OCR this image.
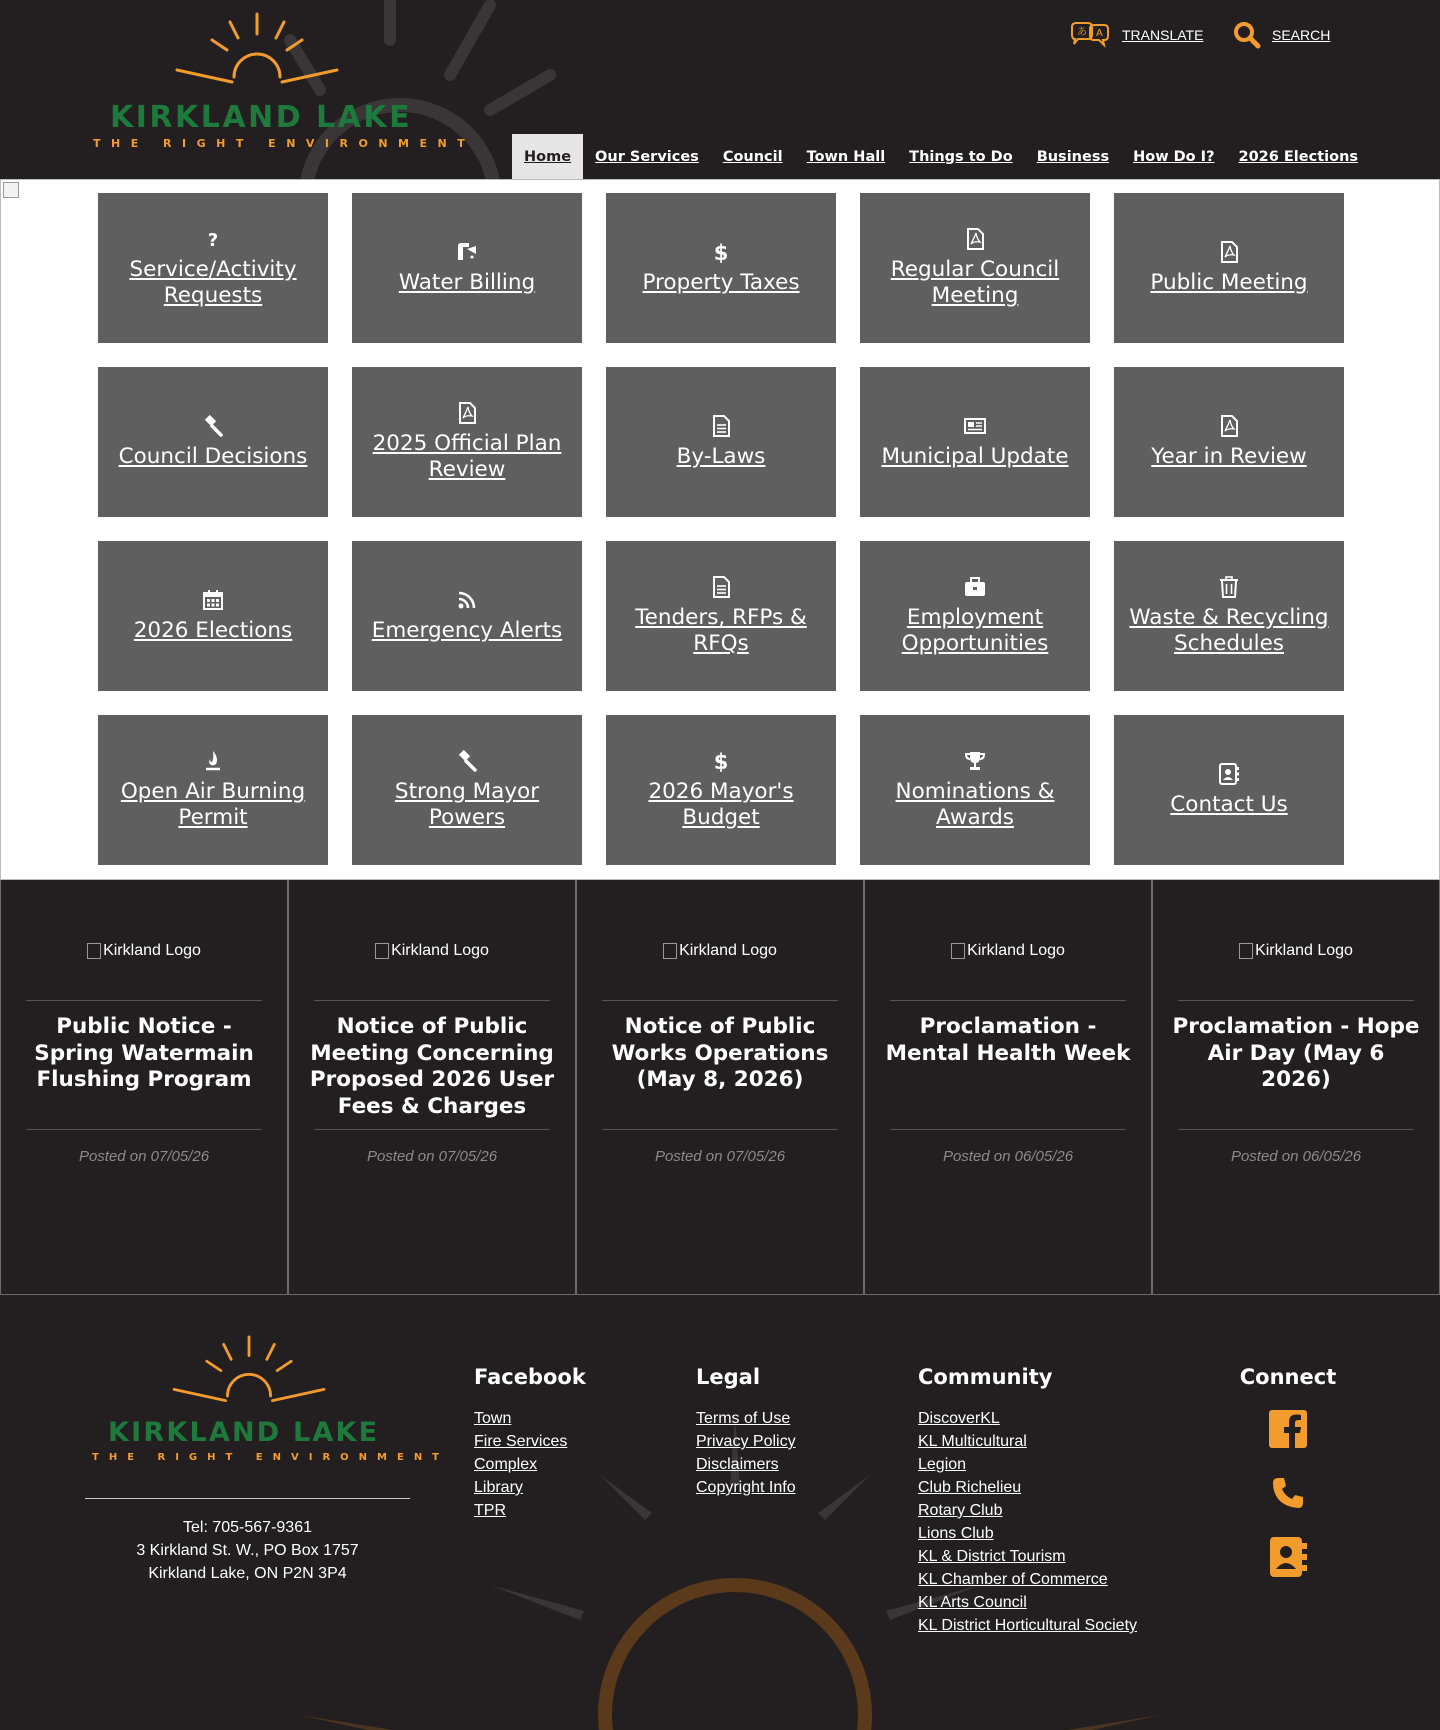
KIRKLAND LAKE
THE RIGHT ENVIRONMENT
あ A TRANSLATE	SEARCH
Home	Our Services	Council	Town Hall	Things to Do	Business	How Do I?	2026 Elections
?
Service/Activity Requests
Water Billing
$
Property Taxes
Regular Council Meeting
Public Meeting
Council Decisions
2025 Official Plan Review
By-Laws	Municipal Update	Year in Review
2026 Elections	Emergency Alerts
Tenders, RFPs & RFQs
Employment Opportunities
Waste & Recycling Schedules
Open Air Burning Permit
Strong Mayor Powers
$
2026 Mayor's Budget
Nominations & Awards
Contact Us
Kirkland Logo
Public Notice - Spring Watermain Flushing Program
Posted on 07/05/26
Kirkland Logo
Notice of Public Meeting Concerning Proposed 2026 User Fees & Charges
Posted on 07/05/26
Kirkland Logo
Notice of Public Works Operations (May 8, 2026)
Posted on 07/05/26
Kirkland Logo
Proclamation - Mental Health Week
Posted on 06/05/26
Kirkland Logo
Proclamation - Hope Air Day (May 6 2026)
Posted on 06/05/26
KIRKLAND LAKE
THE RIGHT ENVIRONMENT
Tel: 705-567-9361
3 Kirkland St. W., PO Box 1757
Kirkland Lake, ON P2N 3P4
Facebook
Town
Fire Services
Complex
Library
TPR
Legal
Terms of Use
Privacy Policy
Disclaimers
Copyright Info
Community
DiscoverKL
KL Multicultural
Legion
Club Richelieu
Rotary Club
Lions Club
KL & District Tourism
KL Chamber of Commerce
KL Arts Council
KL District Horticultural Society
Connect
